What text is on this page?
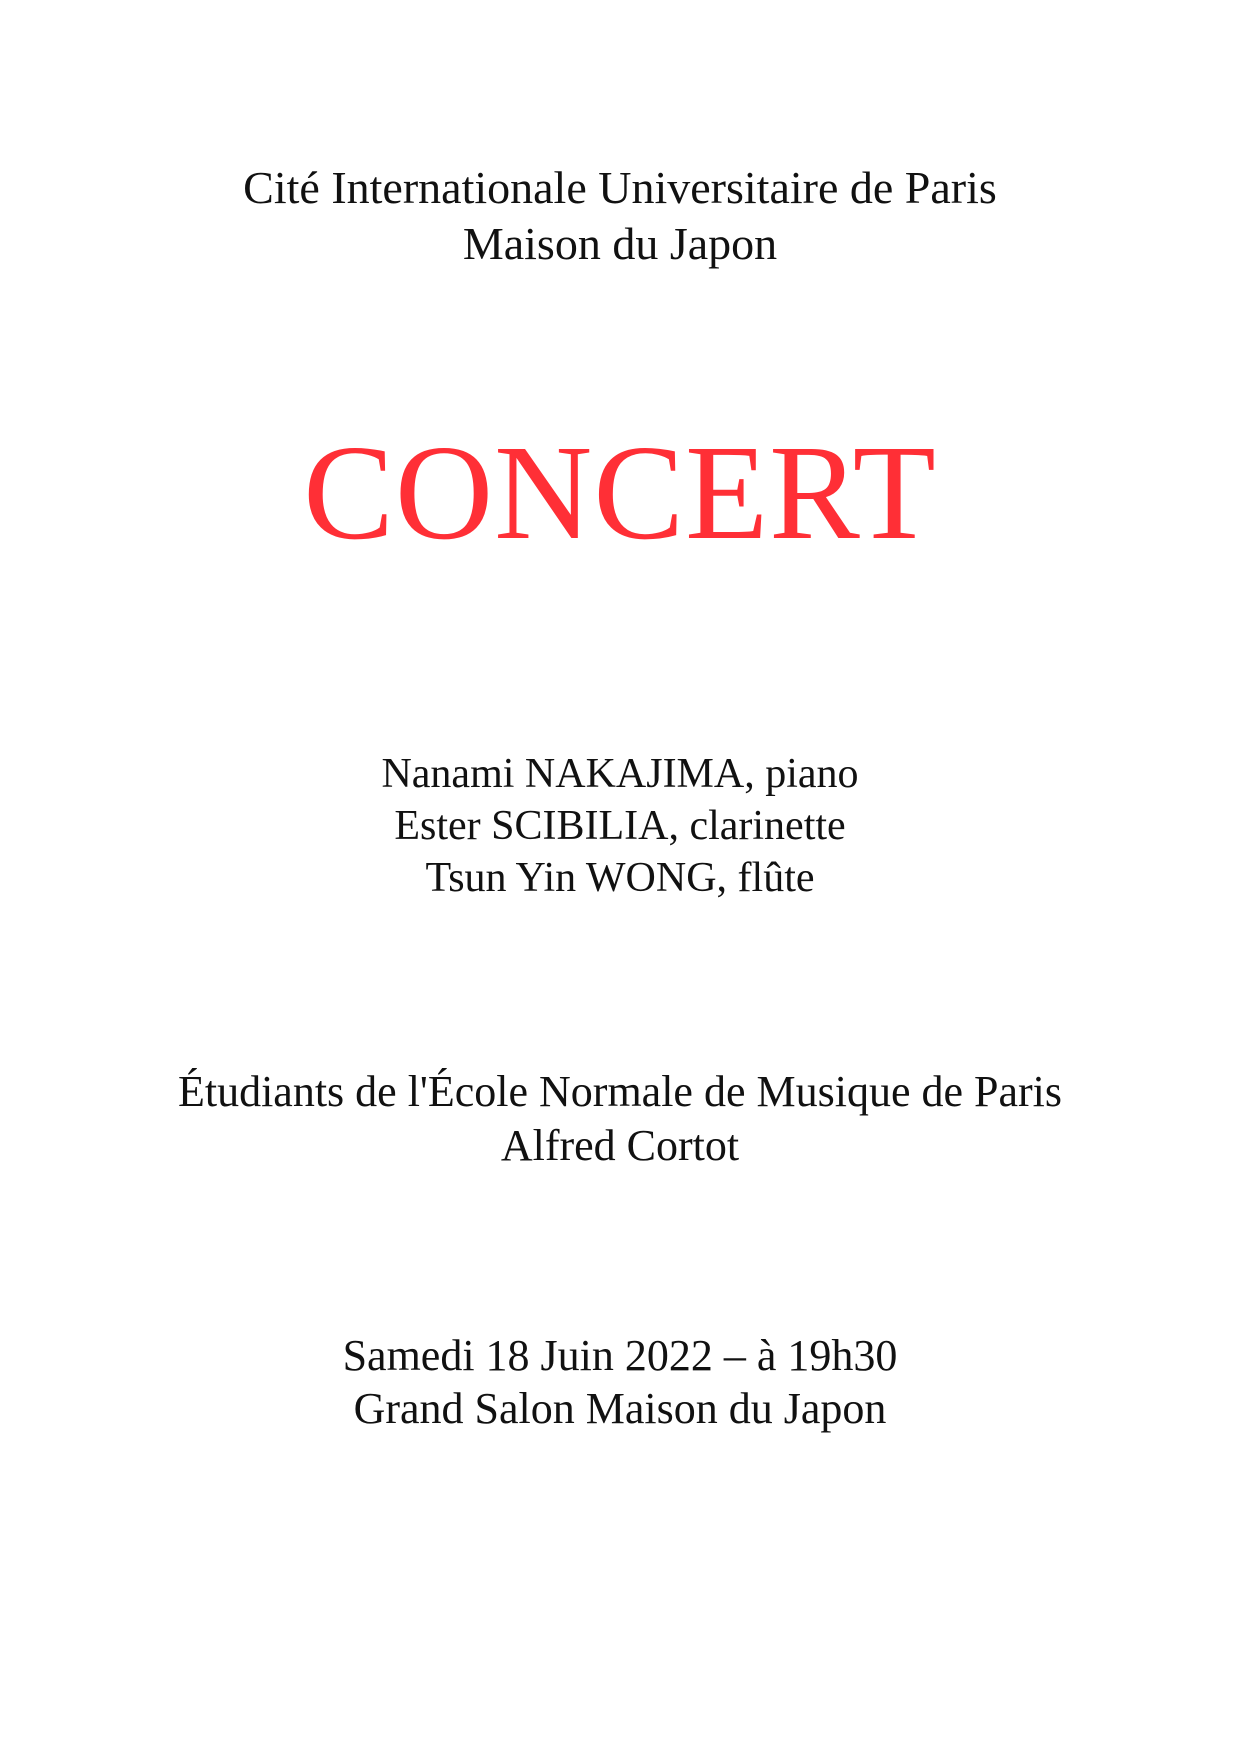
Cité Internationale Universitaire de Paris
Maison du Japon
CONCERT
Nanami NAKAJIMA, piano
Ester SCIBILIA, clarinette
Tsun Yin WONG, flûte
Étudiants de l'École Normale de Musique de Paris
Alfred Cortot
Samedi 18 Juin 2022 – à 19h30
Grand Salon Maison du Japon
